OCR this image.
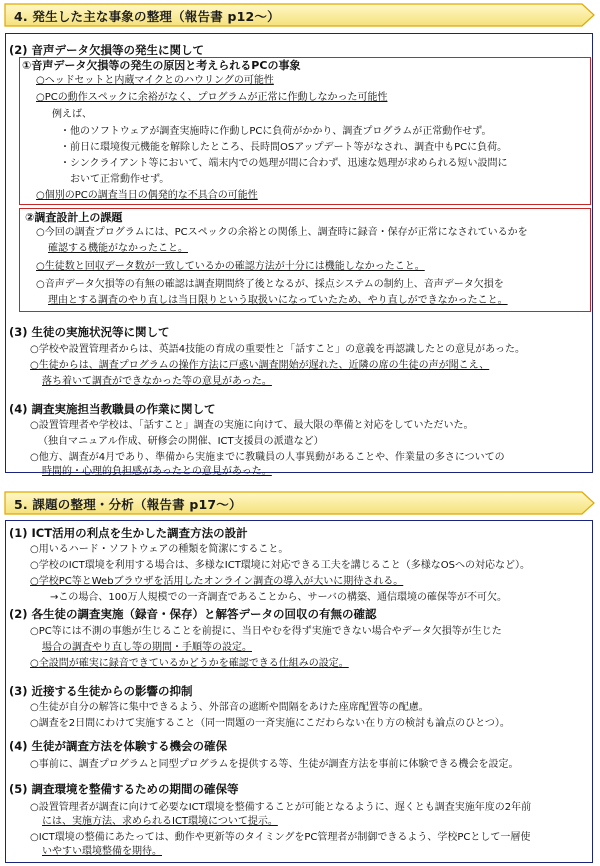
4. 発生した主な事象の整理（報告書 p12～）
(2) 音声データ欠損等の発生に関して
①音声データ欠損等の発生の原因と考えられるPCの事象
○ヘッドセットと内蔵マイクとのハウリングの可能性
○PCの動作スペックに余裕がなく、プログラムが正常に作動しなかった可能性
例えば、
・他のソフトウェアが調査実施時に作動しPCに負荷がかかり、調査プログラムが正常動作せず。
・前日に環境復元機能を解除したところ、長時間OSアップデート等がなされ、調査中もPCに負荷。
・シンクライアント等において、端末内での処理が間に合わず、迅速な処理が求められる短い設問に
おいて正常動作せず。
○個別のPCの調査当日の偶発的な不具合の可能性
②調査設計上の課題
○今回の調査プログラムには、PCスペックの余裕との関係上、調査時に録音・保存が正常になされているかを
確認する機能がなかったこと。
○生徒数と回収データ数が一致しているかの確認方法が十分には機能しなかったこと。
○音声データ欠損等の有無の確認は調査期間終了後となるが、採点システムの制約上、音声データ欠損を
理由とする調査のやり直しは当日限りという取扱いになっていたため、やり直しができなかったこと。
(3) 生徒の実施状況等に関して
○学校や設置管理者からは、英語4技能の育成の重要性と「話すこと」の意義を再認識したとの意見があった。
○生徒からは、調査プログラムの操作方法に戸惑い調査開始が遅れた、近隣の席の生徒の声が聞こえ、
落ち着いて調査ができなかった等の意見があった。
(4) 調査実施担当教職員の作業に関して
○設置管理者や学校は、「話すこと」調査の実施に向けて、最大限の準備と対応をしていただいた。
（独自マニュアル作成、研修会の開催、ICT支援員の派遣など）
○他方、調査が4月であり、準備から実施までに教職員の人事異動があることや、作業量の多さについての
時間的・心理的負担感があったとの意見があった。
5. 課題の整理・分析（報告書 p17～）
(1) ICT活用の利点を生かした調査方法の設計
○用いるハード・ソフトウェアの種類を简潔にすること。
○学校のICT環境を利用する場合は、多様なICT環境に対応できる工夫を講じること（多様なOSへの対応など）。
○学校PC等とWebブラウザを活用したオンライン調査の導入が大いに期待される。
→この場合、100万人規模での一斉調査であることから、サーバの構築、通信環境の確保等が不可欠。
(2) 各生徒の調査実施（録音・保存）と解答データの回収の有無の確認
○PC等には不測の事態が生じることを前提に、当日やむを得ず実施できない場合やデータ欠損等が生じた
場合の調査やり直し等の期間・手順等の設定。
○全設問が確実に録音できているかどうかを確認できる仕組みの設定。
(3) 近接する生徒からの影響の抑制
○生徒が自分の解答に集中できるよう、外部音の遮断や間隔をあけた座席配置等の配慮。
○調査を2日間にわけて実施すること（同一問題の一斉実施にこだわらない在り方の検討も論点のひとつ）。
(4) 生徒が調査方法を体験する機会の確保
○事前に、調査プログラムと同型プログラムを提供する等、生徒が調査方法を事前に体験できる機会を設定。
(5) 調査環境を整備するための期間の確保等
○設置管理者が調査に向けて必要なICT環境を整備することが可能となるように、遅くとも調査実施年度の2年前
には、実施方法、求められるICT環境について提示。
○ICT環境の整備にあたっては、動作や更新等のタイミングをPC管理者が制御できるよう、学校PCとして一層使
いやすい環境整備を期待。
